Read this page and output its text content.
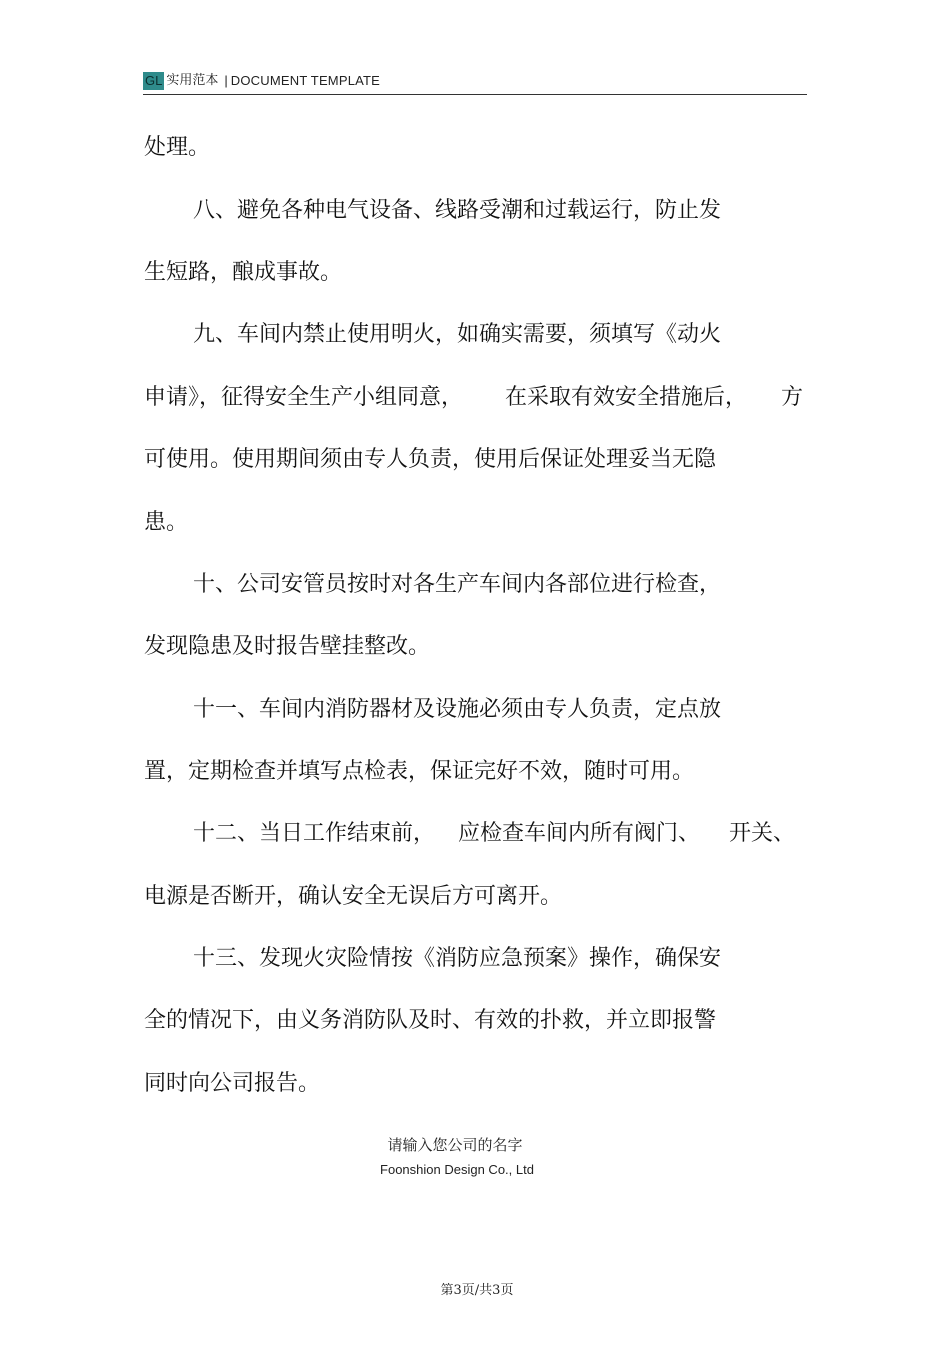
GL 实用范本 | DOCUMENT TEMPLATE
处理。
八、避免各种电气设备、线路受潮和过载运行，防止发
生短路，酿成事故。
九、车间内禁止使用明火，如确实需要，须填写《动火
申请》，征得安全生产小组同意， 在采取有效安全措施后， 方
可使用。使用期间须由专人负责，使用后保证处理妥当无隐
患。
十、公司安管员按时对各生产车间内各部位进行检查，
发现隐患及时报告壁挂整改。
十一、车间内消防器材及设施必须由专人负责，定点放
置，定期检查并填写点检表，保证完好不效，随时可用。
十二、当日工作结束前， 应检查车间内所有阀门、 开关、
电源是否断开，确认安全无误后方可离开。
十三、发现火灾险情按《消防应急预案》操作，确保安
全的情况下，由义务消防队及时、有效的扑救，并立即报警
同时向公司报告。
请输入您公司的名字
Foonshion Design Co., Ltd
第3页/共3页
